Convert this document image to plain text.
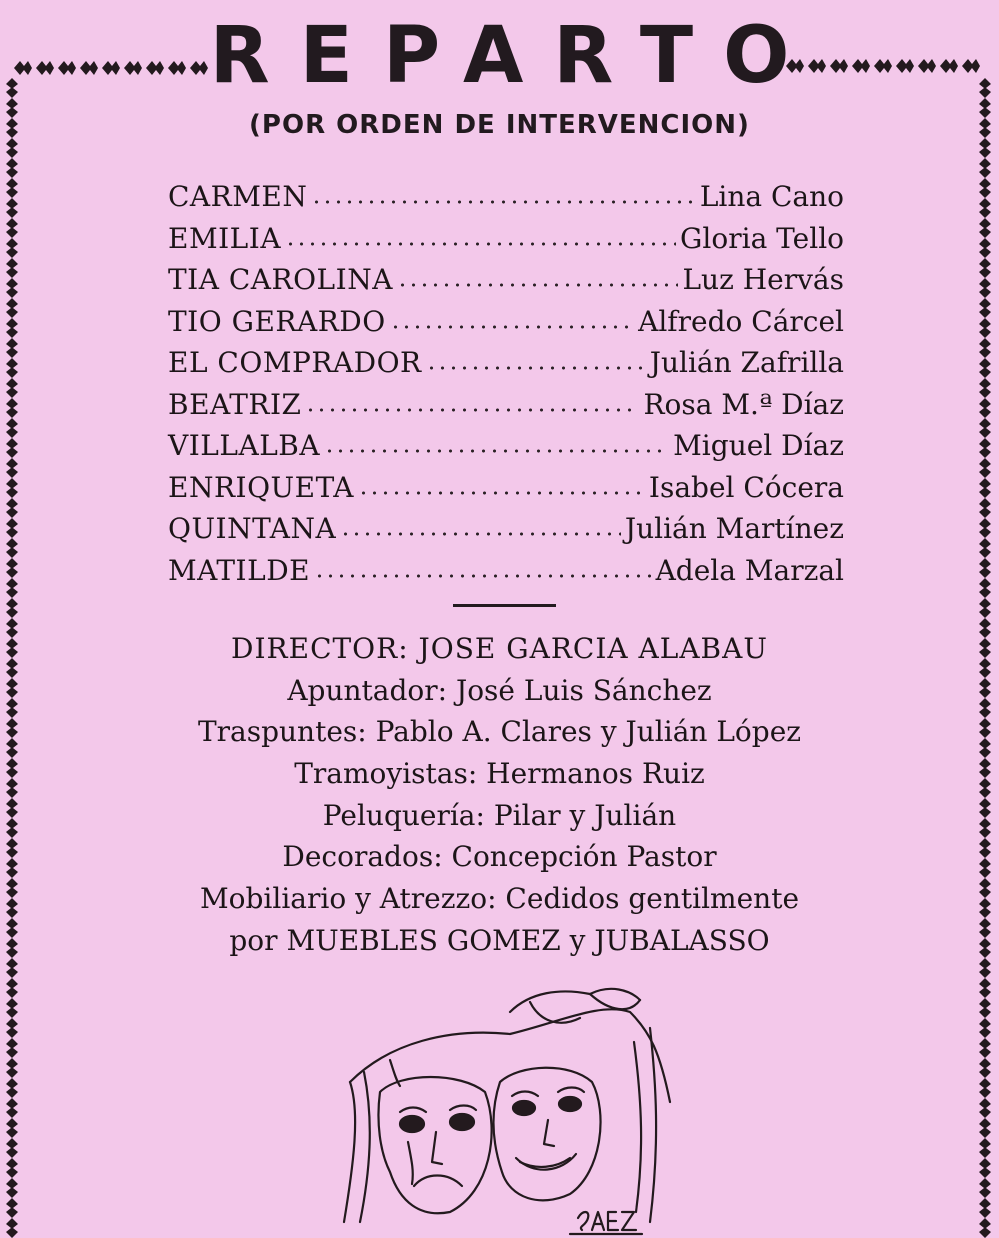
REPARTO
(POR ORDEN DE INTERVENCION)
CARMEN	Lina Cano
EMILIA	Gloria Tello
TIA CAROLINA	Luz Hervás
TIO GERARDO	Alfredo Cárcel
EL COMPRADOR	Julián Zafrilla
BEATRIZ	Rosa M.ª Díaz
VILLALBA	Miguel Díaz
ENRIQUETA	Isabel Cócera
QUINTANA	Julián Martínez
MATILDE	Adela Marzal
DIRECTOR: JOSE GARCIA ALABAU
Apuntador: José Luis Sánchez
Traspuntes: Pablo A. Clares y Julián López
Tramoyistas: Hermanos Ruiz
Peluquería: Pilar y Julián
Decorados: Concepción Pastor
Mobiliario y Atrezzo: Cedidos gentilmente
por MUEBLES GOMEZ y JUBALASSO
